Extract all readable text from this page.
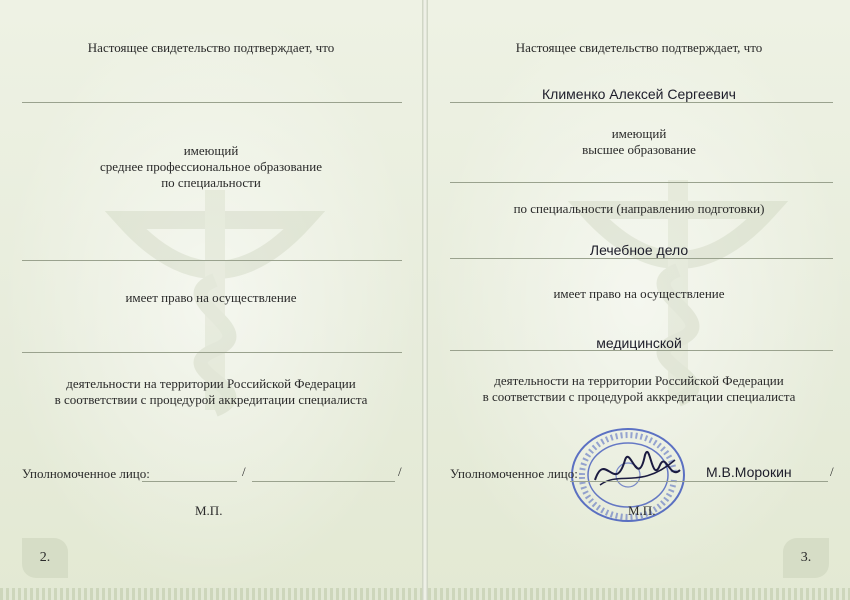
Настоящее свидетельство подтверждает, что
имеющий
среднее профессиональное образование
по специальности
имеет право на осуществление
деятельности на территории Российской Федерации
в соответствии с процедурой аккредитации специалиста
Уполномоченное лицо:	/	/
М.П.
2.
Настоящее свидетельство подтверждает, что
Клименко Алексей Сергеевич
имеющий
высшее образование
по специальности (направлению подготовки)
Лечебное дело
имеет право на осуществление
медицинской
деятельности на территории Российской Федерации
в соответствии с процедурой аккредитации специалиста
Уполномоченное лицо:	М.В.Морокин	/
М.П.
3.
